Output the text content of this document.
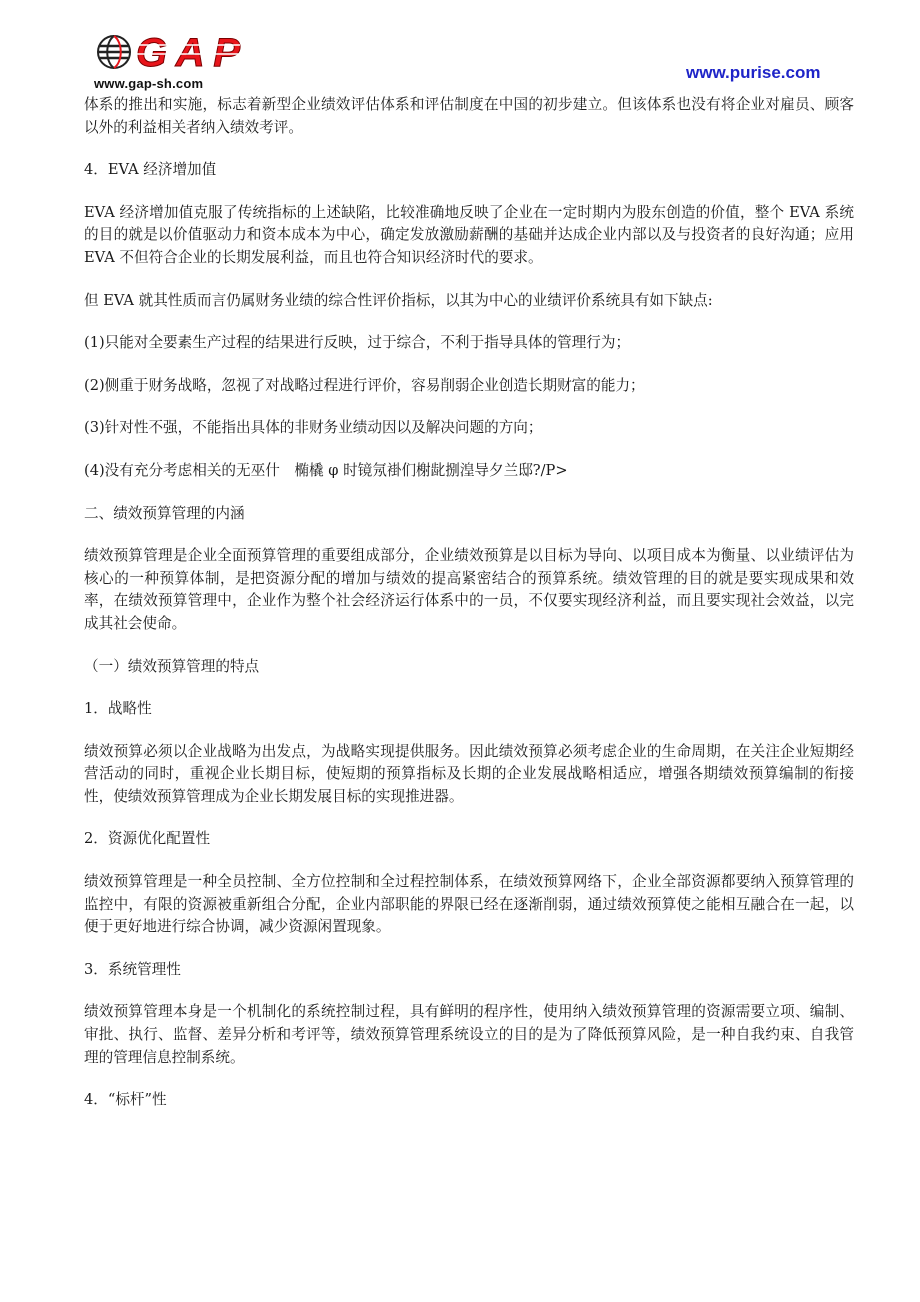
GAP
www.gap-sh.com
www.purise.com

体系的推出和实施，标志着新型企业绩效评估体系和评估制度在中国的初步建立。但该体系也没有将企业对雇员、顾客以外的利益相关者纳入绩效考评。

4．EVA 经济增加值

EVA 经济增加值克服了传统指标的上述缺陷，比较准确地反映了企业在一定时期内为股东创造的价值，整个 EVA 系统的目的就是以价值驱动力和资本成本为中心，确定发放激励薪酬的基础并达成企业内部以及与投资者的良好沟通；应用 EVA 不但符合企业的长期发展利益，而且也符合知识经济时代的要求。

但 EVA 就其性质而言仍属财务业绩的综合性评价指标，以其为中心的业绩评价系统具有如下缺点:

(1)只能对全要素生产过程的结果进行反映，过于综合，不利于指导具体的管理行为；

(2)侧重于财务战略，忽视了对战略过程进行评价，容易削弱企业创造长期财富的能力；

(3)针对性不强，不能指出具体的非财务业绩动因以及解决问题的方向；

(4)没有充分考虑相关的无巫什　椭橇 φ 时镜氖褂们榭龀捌湟导夕兰邸?/P>

二、绩效预算管理的内涵

绩效预算管理是企业全面预算管理的重要组成部分，企业绩效预算是以目标为导向、以项目成本为衡量、以业绩评估为核心的一种预算体制，是把资源分配的增加与绩效的提高紧密结合的预算系统。绩效管理的目的就是要实现成果和效率，在绩效预算管理中，企业作为整个社会经济运行体系中的一员，不仅要实现经济利益，而且要实现社会效益，以完成其社会使命。

（一）绩效预算管理的特点

1．战略性

绩效预算必须以企业战略为出发点，为战略实现提供服务。因此绩效预算必须考虑企业的生命周期，在关注企业短期经营活动的同时，重视企业长期目标，使短期的预算指标及长期的企业发展战略相适应，增强各期绩效预算编制的衔接性，使绩效预算管理成为企业长期发展目标的实现推进器。

2．资源优化配置性

绩效预算管理是一种全员控制、全方位控制和全过程控制体系，在绩效预算网络下，企业全部资源都要纳入预算管理的监控中，有限的资源被重新组合分配，企业内部职能的界限已经在逐渐削弱，通过绩效预算使之能相互融合在一起，以便于更好地进行综合协调，减少资源闲置现象。

3．系统管理性

绩效预算管理本身是一个机制化的系统控制过程，具有鲜明的程序性，使用纳入绩效预算管理的资源需要立项、编制、审批、执行、监督、差异分析和考评等，绩效预算管理系统设立的目的是为了降低预算风险，是一种自我约束、自我管理的管理信息控制系统。

4．“标杆”性
